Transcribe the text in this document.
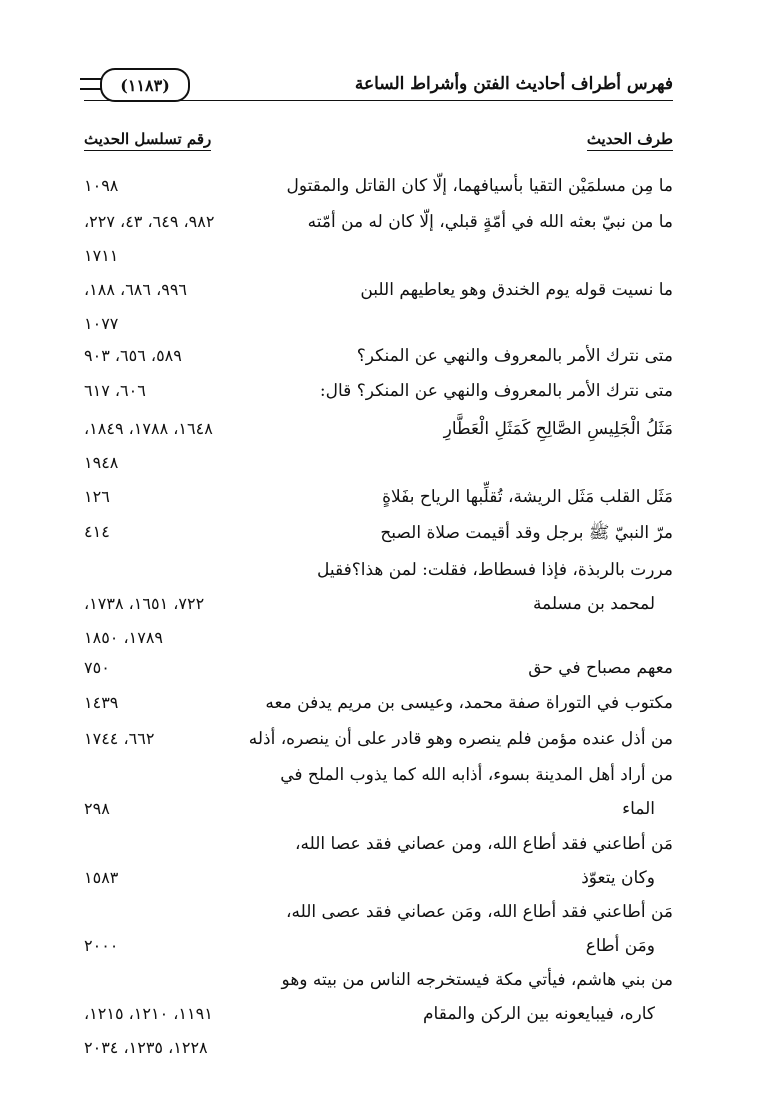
فهرس أطراف أحاديث الفتن وأشراط الساعة
(١١٨٣)
طرف الحديث
رقم تسلسل الحديث
ما مِن مسلمَيْن التقيا بأسيافهما، إلّا كان القاتل والمقتول
١٠٩٨
ما من نبيّ بعثه الله في أمّةٍ قبلي، إلّا كان له من أمّته
٩٨٢، ٦٤٩، ٤٣، ٢٢٧،
١٧١١
ما نسيت قوله يوم الخندق وهو يعاطيهم اللبن
٩٩٦، ٦٨٦، ١٨٨،
١٠٧٧
متى نترك الأمر بالمعروف والنهي عن المنكر؟
٥٨٩، ٦٥٦، ٩٠٣
متى نترك الأمر بالمعروف والنهي عن المنكر؟ قال:
٦٠٦، ٦١٧
مَثَلُ الْجَلِيسِ الصَّالِحِ كَمَثَلِ الْعَطَّارِ
١٦٤٨، ١٧٨٨، ١٨٤٩،
١٩٤٨
مَثَل القلب مَثَل الريشة، تُقلِّبها الرياح بفَلاةٍ
١٢٦
مرّ النبيّ ﷺ برجل وقد أقيمت صلاة الصبح
٤١٤
مررت بالربذة، فإذا فسطاط، فقلت: لمن هذا؟فقيل
لمحمد بن مسلمة
٧٢٢، ١٦٥١، ١٧٣٨،
١٧٨٩، ١٨٥٠
معهم مصباح في حق
٧٥٠
مكتوب في التوراة صفة محمد، وعيسى بن مريم يدفن معه
١٤٣٩
من أذل عنده مؤمن فلم ينصره وهو قادر على أن ينصره، أذله
٦٦٢، ١٧٤٤
من أراد أهل المدينة بسوء، أذابه الله كما يذوب الملح في
الماء
٢٩٨
مَن أطاعني فقد أطاع الله، ومن عصاني فقد عصا الله،
وكان يتعوّذ
١٥٨٣
مَن أطاعني فقد أطاع الله، ومَن عصاني فقد عصى الله،
ومَن أطاع
٢٠٠٠
من بني هاشم، فيأتي مكة فيستخرجه الناس من بيته وهو
كاره، فيبايعونه بين الركن والمقام
١١٩١، ١٢١٠، ١٢١٥،
١٢٢٨، ١٢٣٥، ٢٠٣٤
